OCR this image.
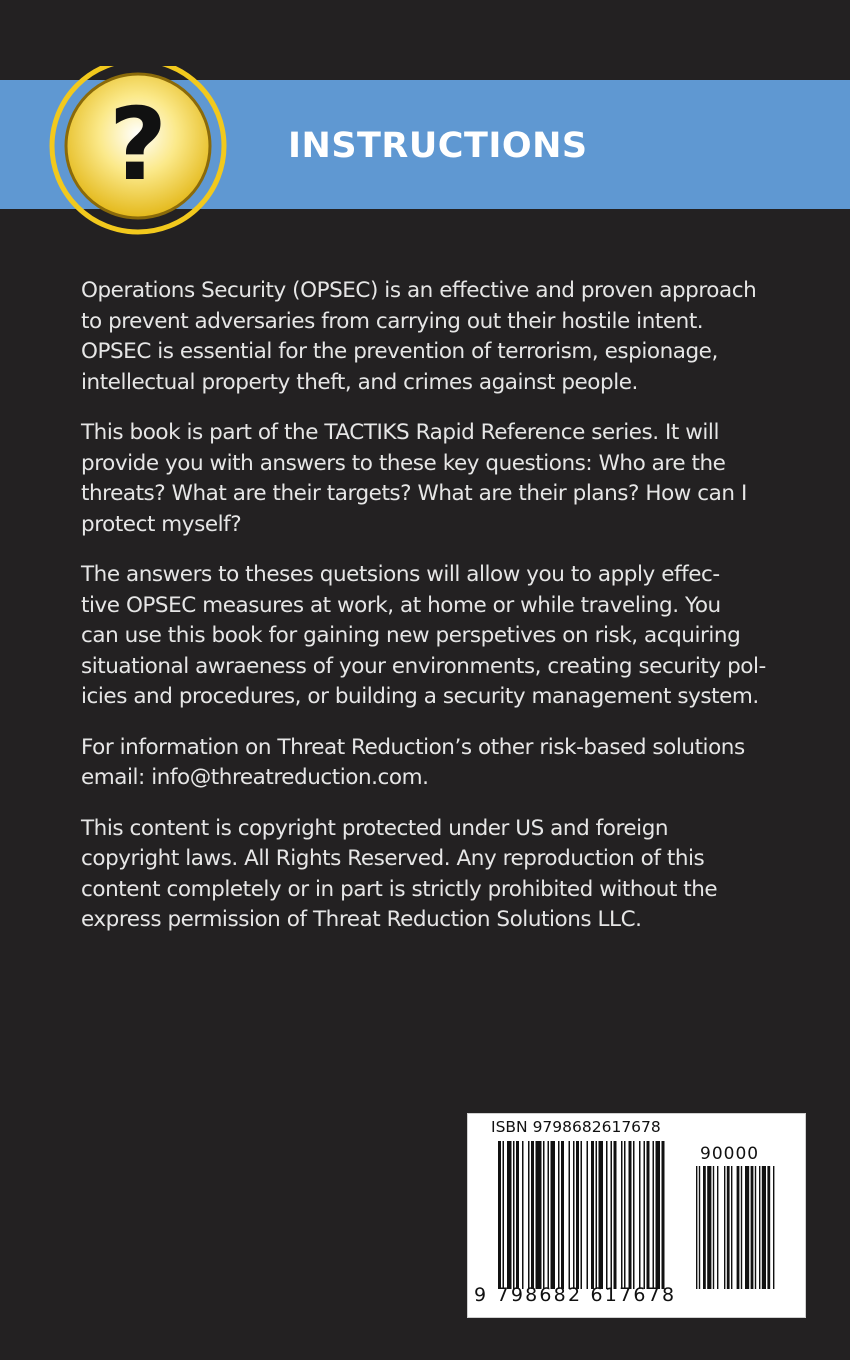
?	INSTRUCTIONS

Operations Security (OPSEC) is an effective and proven approach
to prevent adversaries from carrying out their hostile intent.
OPSEC is essential for the prevention of terrorism, espionage,
intellectual property theft, and crimes against people.

This book is part of the TACTIKS Rapid Reference series. It will
provide you with answers to these key questions: Who are the
threats? What are their targets? What are their plans? How can I
protect myself?

The answers to theses quetsions will allow you to apply effec-
tive OPSEC measures at work, at home or while traveling. You
can use this book for gaining new perspetives on risk, acquiring
situational awraeness of your environments, creating security pol-
icies and procedures, or building a security management system.

For information on Threat Reduction’s other risk-based solutions
email: info@threatreduction.com.

This content is copyright protected under US and foreign
copyright laws. All Rights Reserved. Any reproduction of this
content completely or in part is strictly prohibited without the
express permission of Threat Reduction Solutions LLC.

ISBN 9798682617678
90000
9 798682 617678
